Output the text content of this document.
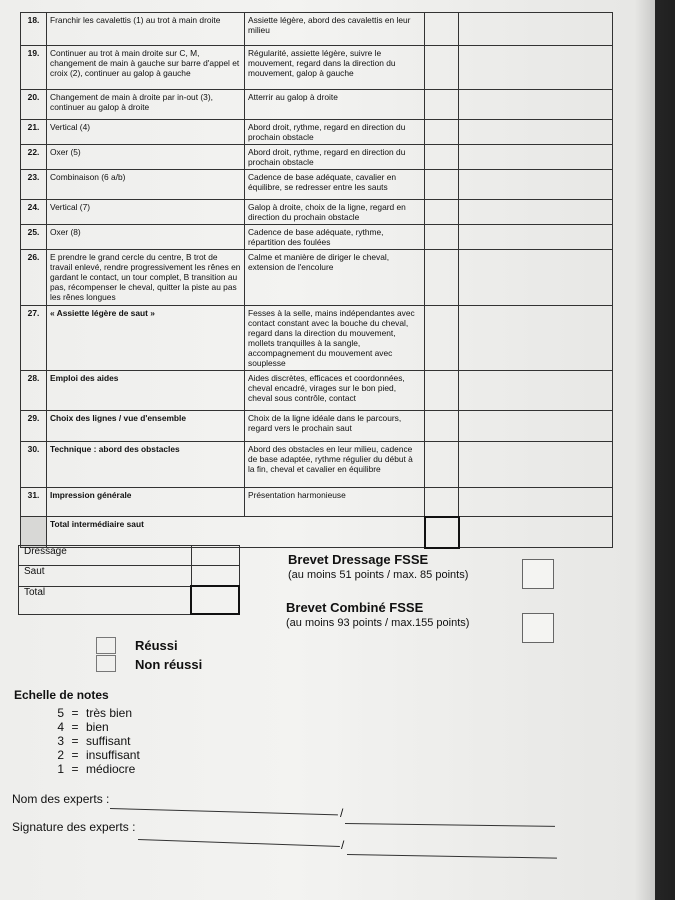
18.	Franchir les cavalettis (1) au trot à main droite	Assiette légère, abord des cavalettis en leur milieu		
19.	Continuer au trot à main droite sur C, M, changement de main à gauche sur barre d'appel et croix (2), continuer au galop à gauche	Régularité, assiette légère, suivre le mouvement, regard dans la direction du mouvement, galop à gauche		
20.	Changement de main à droite par in-out (3), continuer au galop à droite	Atterrir au galop à droite		
21.	Vertical (4)	Abord droit, rythme, regard en direction du prochain obstacle		
22.	Oxer (5)	Abord droit, rythme, regard en direction du prochain obstacle		
23.	Combinaison (6 a/b)	Cadence de base adéquate, cavalier en équilibre, se redresser entre les sauts		
24.	Vertical (7)	Galop à droite, choix de la ligne, regard en direction du prochain obstacle		
25.	Oxer (8)	Cadence de base adéquate, rythme, répartition des foulées		
26.	E prendre le grand cercle du centre, B trot de travail enlevé, rendre progressivement les rênes en gardant le contact, un tour complet, B transition au pas, récompenser le cheval, quitter la piste au pas les rênes longues	Calme et manière de diriger le cheval, extension de l'encolure		
27.	« Assiette légère de saut »	Fesses à la selle, mains indépendantes avec contact constant avec la bouche du cheval, regard dans la direction du mouvement, mollets tranquilles à la sangle, accompagnement du mouvement avec souplesse		
28.	Emploi des aides	Aides discrètes, efficaces et coordonnées, cheval encadré, virages sur le bon pied, cheval sous contrôle, contact		
29.	Choix des lignes / vue d'ensemble	Choix de la ligne idéale dans le parcours, regard vers le prochain saut		
30.	Technique : abord des obstacles	Abord des obstacles en leur milieu, cadence de base adaptée, rythme régulier du début à la fin, cheval et cavalier en équilibre		
31.	Impression générale	Présentation harmonieuse		
	Total intermédiaire saut			
Dressage	
Saut	
Total	
Brevet Dressage FSSE
(au moins 51 points / max. 85 points)
Brevet Combiné FSSE
(au moins 93 points / max.155 points)
Réussi
Non réussi
Echelle de notes
5 = très bien
4 = bien
3 = suffisant
2 = insuffisant
1 = médiocre
Nom des experts :
/
Signature des experts :
/
